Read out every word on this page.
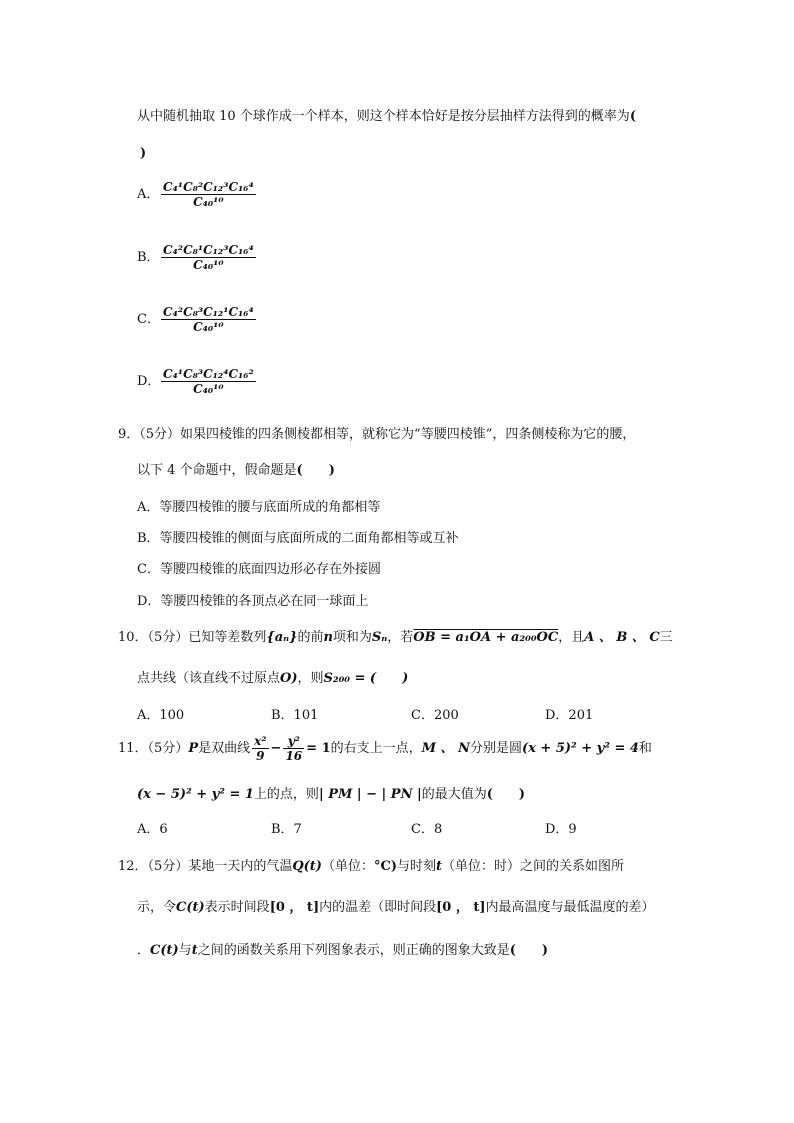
从中随机抽取 10 个球作成一个样本，则这个样本恰好是按分层抽样方法得到的概率为(
)
A． $\frac{\text{C₄¹C₈²C₁₂³C₁₆⁴}}{\text{C₄₀¹⁰}}$
B． $\frac{\text{C₄²C₈¹C₁₂³C₁₆⁴}}{\text{C₄₀¹⁰}}$
C． $\frac{\text{C₄²C₈³C₁₂¹C₁₆⁴}}{\text{C₄₀¹⁰}}$
D． $\frac{\text{C₄¹C₈³C₁₂⁴C₁₆²}}{\text{C₄₀¹⁰}}$
9．（5分）如果四棱锥的四条侧棱都相等，就称它为“等腰四棱锥”，四条侧棱称为它的腰，
以下 4 个命题中，假命题是(　　)
A．等腰四棱锥的腰与底面所成的角都相等
B．等腰四棱锥的侧面与底面所成的二面角都相等或互补
C．等腰四棱锥的底面四边形必存在外接圆
D．等腰四棱锥的各顶点必在同一球面上
10．（5分）已知等差数列{aₙ}的前n项和为Sₙ，若OB = a₁OA + a₂₀₀OC，且A 、 B 、 C三
点共线（该直线不过原点O)，则S₂₀₀ = (　　)
A．100	B．101	C．200	D．201
11．（5分）P是双曲线 $\frac{\text{x²}}{9} - \frac{\text{y²}}{16} = 1$的右支上一点，M 、 N分别是圆(x + 5)² + y² = 4和
(x − 5)² + y² = 1上的点，则| PM | − | PN |的最大值为(　　)
A．6	B．7	C．8	D．9
12．（5分）某地一天内的气温Q(t)（单位：°C)与时刻t（单位：时）之间的关系如图所
示，令C(t)表示时间段[0 ， t]内的温差（即时间段[0 ， t]内最高温度与最低温度的差）
．C(t)与t之间的函数关系用下列图象表示，则正确的图象大致是(　　)
